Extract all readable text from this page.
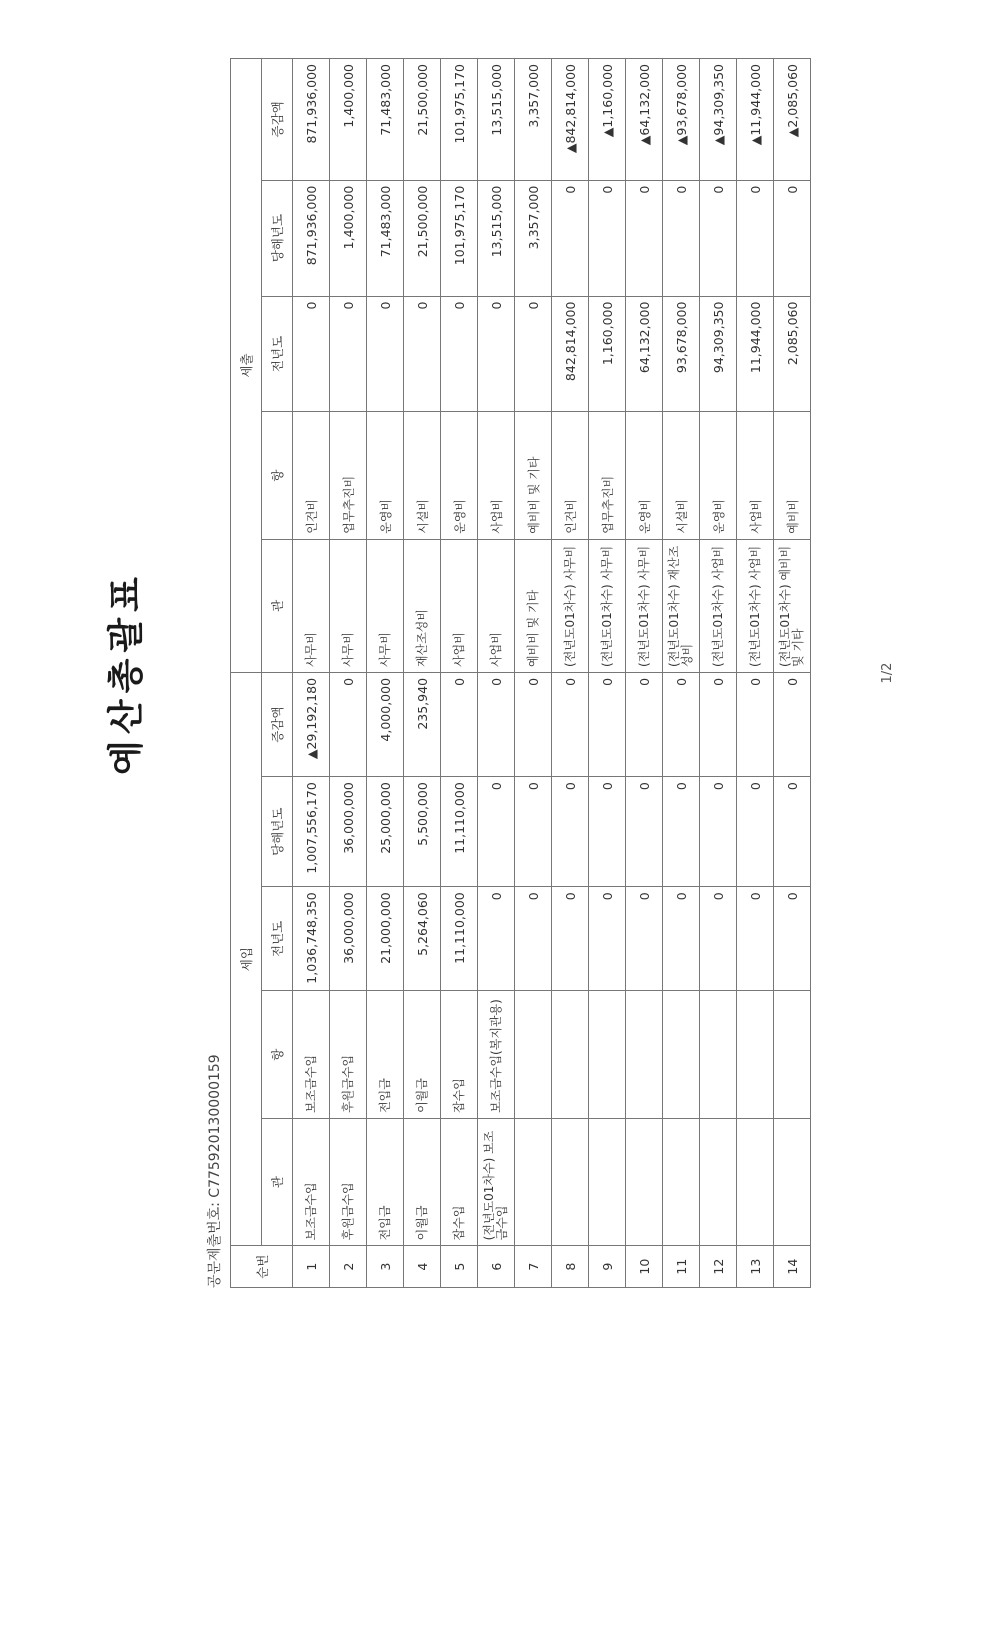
예산총괄표
공문제출번호: C775920130000159	순번	세입					세출				
	관	항	전년도	당해년도	증감액	관	항	전년도	당해년도	증감액
1	보조금수입	보조금수입	1,036,748,350	1,007,556,170	▲29,192,180	사무비	인건비	0	871,936,000	871,936,000
2	후원금수입	후원금수입	36,000,000	36,000,000	0	사무비	업무추진비	0	1,400,000	1,400,000
3	전입금	전입금	21,000,000	25,000,000	4,000,000	사무비	운영비	0	71,483,000	71,483,000
4	이월금	이월금	5,264,060	5,500,000	235,940	재산조성비	시설비	0	21,500,000	21,500,000
5	잡수입	잡수입	11,110,000	11,110,000	0	사업비	운영비	0	101,975,170	101,975,170
6	(전년도01차수) 보조금수입	보조금수입(복지관용)	0	0	0	사업비	사업비	0	13,515,000	13,515,000
7			0	0	0	예비비 및 기타	예비비 및 기타	0	3,357,000	3,357,000
8			0	0	0	(전년도01차수) 사무비	인건비	842,814,000	0	▲842,814,000
9			0	0	0	(전년도01차수) 사무비	업무추진비	1,160,000	0	▲1,160,000
10			0	0	0	(전년도01차수) 사무비	운영비	64,132,000	0	▲64,132,000
11			0	0	0	(전년도01차수) 재산조성비	시설비	93,678,000	0	▲93,678,000
12			0	0	0	(전년도01차수) 사업비	운영비	94,309,350	0	▲94,309,350
13			0	0	0	(전년도01차수) 사업비	사업비	11,944,000	0	▲11,944,000
14			0	0	0	(전년도01차수) 예비비 및 기타	예비비	2,085,060	0	▲2,085,060
1/2
